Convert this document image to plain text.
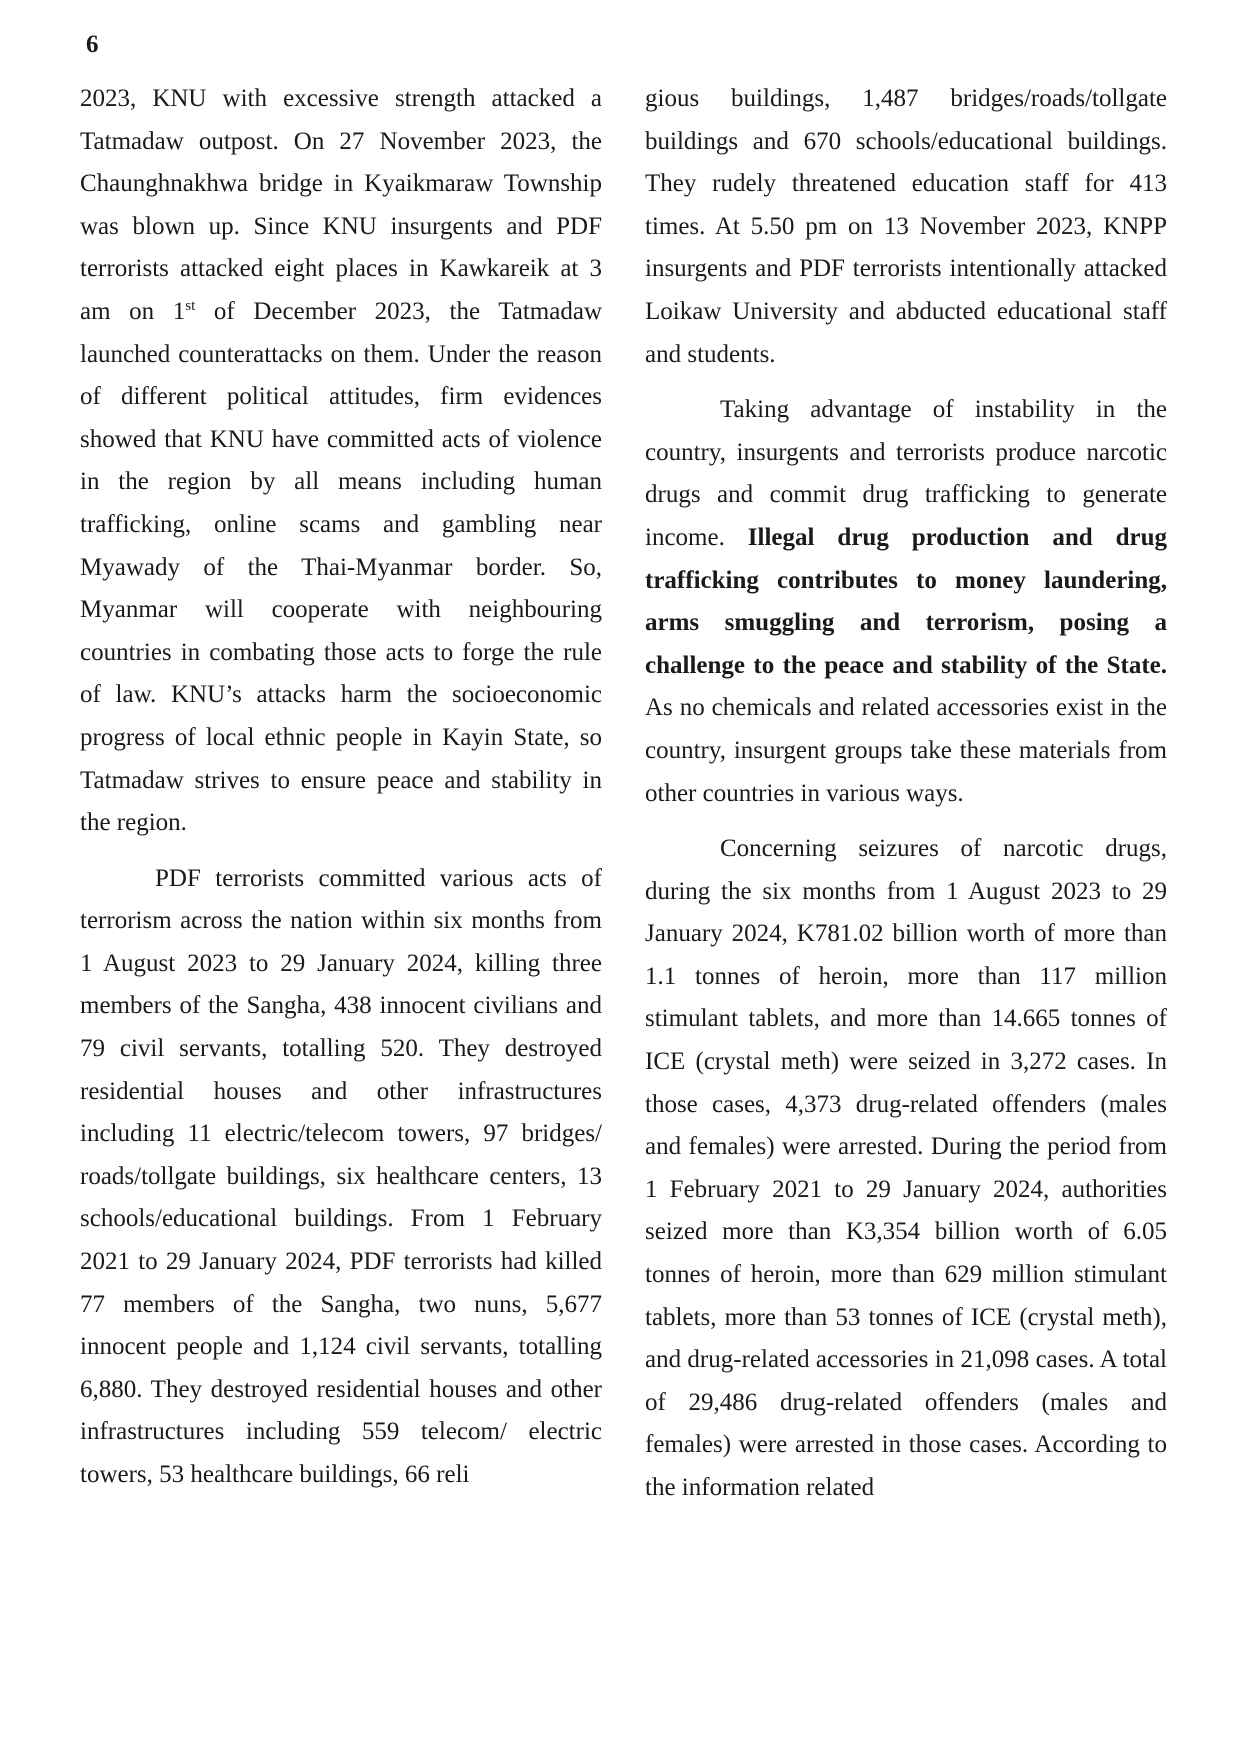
6

2023, KNU with excessive strength attacked a Tatmadaw outpost. On 27 November 2023, the Chaunghnakhwa bridge in Kyaikmaraw Township was blown up. Since KNU insurgents and PDF terrorists attacked eight places in Kawkareik at 3 am on 1st of December 2023, the Tatmadaw launched counterattacks on them. Under the reason of different political attitudes, firm evidences showed that KNU have committed acts of violence in the region by all means including human trafficking, online scams and gambling near Myawady of the Thai-Myanmar border. So, Myanmar will cooperate with neighbouring countries in combating those acts to forge the rule of law. KNU’s attacks harm the socioeconomic progress of local ethnic people in Kayin State, so Tatmadaw strives to ensure peace and stability in the region.

PDF terrorists committed various acts of terrorism across the nation within six months from 1 August 2023 to 29 January 2024, killing three members of the Sangha, 438 innocent civilians and 79 civil servants, totalling 520. They destroyed residential houses and other infrastructures including 11 electric/telecom towers, 97 bridges/ roads/tollgate buildings, six healthcare centers, 13 schools/educational buildings. From 1 February 2021 to 29 January 2024, PDF terrorists had killed 77 members of the Sangha, two nuns, 5,677 innocent people and 1,124 civil servants, totalling 6,880. They destroyed residential houses and other infrastructures including 559 telecom/ electric towers, 53 healthcare buildings, 66 reli

gious buildings, 1,487 bridges/roads/tollgate buildings and 670 schools/educational buildings. They rudely threatened education staff for 413 times. At 5.50 pm on 13 November 2023, KNPP insurgents and PDF terrorists intentionally attacked Loikaw University and abducted educational staff and students.

Taking advantage of instability in the country, insurgents and terrorists produce narcotic drugs and commit drug trafficking to generate income. Illegal drug production and drug trafficking contributes to money laundering, arms smuggling and terrorism, posing a challenge to the peace and stability of the State. As no chemicals and related accessories exist in the country, insurgent groups take these materials from other countries in various ways.

Concerning seizures of narcotic drugs, during the six months from 1 August 2023 to 29 January 2024, K781.02 billion worth of more than 1.1 tonnes of heroin, more than 117 million stimulant tablets, and more than 14.665 tonnes of ICE (crystal meth) were seized in 3,272 cases. In those cases, 4,373 drug-related offenders (males and females) were arrested. During the period from 1 February 2021 to 29 January 2024, authorities seized more than K3,354 billion worth of 6.05 tonnes of heroin, more than 629 million stimulant tablets, more than 53 tonnes of ICE (crystal meth), and drug-related accessories in 21,098 cases. A total of 29,486 drug-related offenders (males and females) were arrested in those cases. According to the information related
